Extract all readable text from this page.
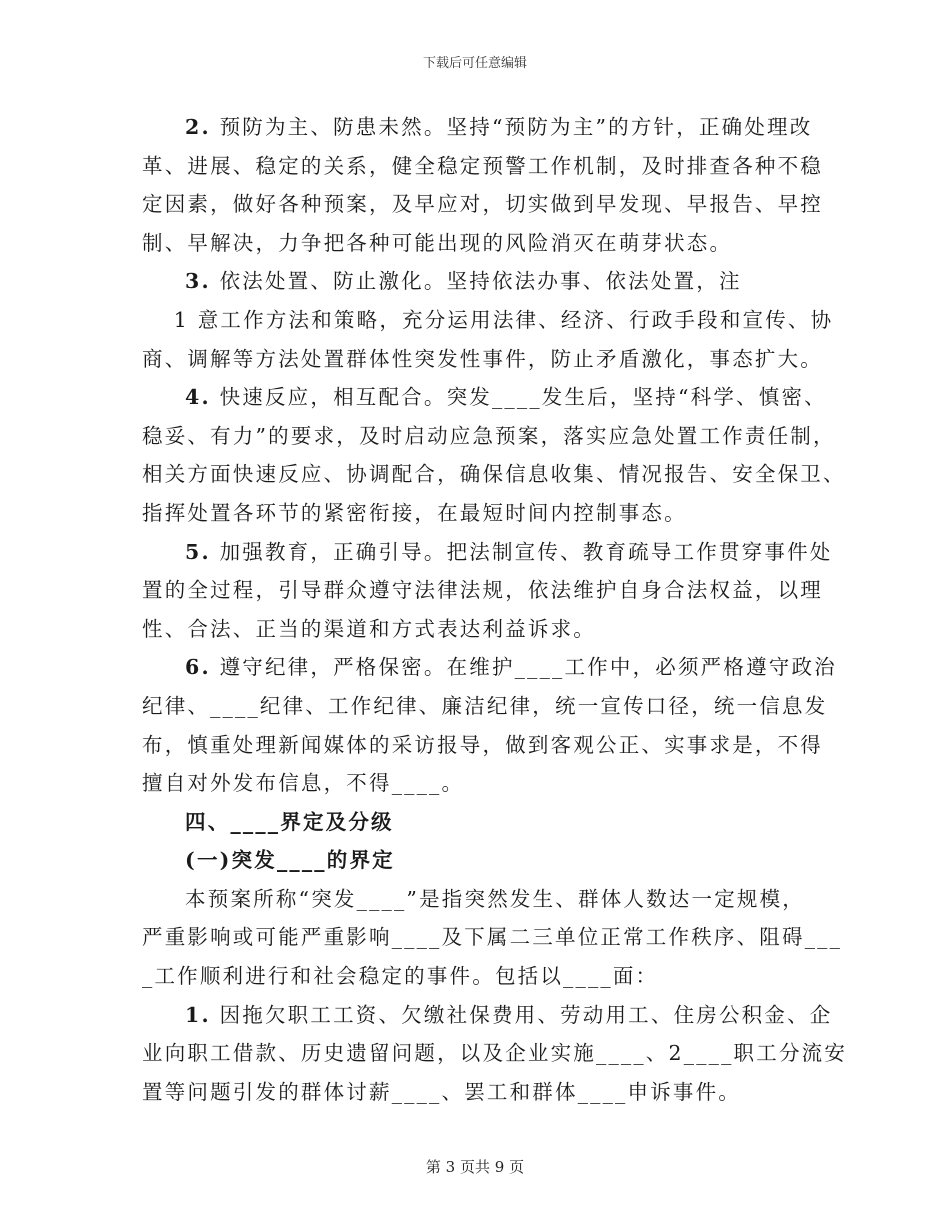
下载后可任意编辑

2. 预防为主、防患未然。坚持“预防为主”的方针，正确处理改

革、进展、稳定的关系，健全稳定预警工作机制，及时排查各种不稳

定因素，做好各种预案，及早应对，切实做到早发现、早报告、早控

制、早解决，力争把各种可能出现的风险消灭在萌芽状态。

3. 依法处置、防止激化。坚持依法办事、依法处置，注

1 意工作方法和策略，充分运用法律、经济、行政手段和宣传、协

商、调解等方法处置群体性突发性事件，防止矛盾激化，事态扩大。

4. 快速反应，相互配合。突发____发生后，坚持“科学、慎密、

稳妥、有力”的要求，及时启动应急预案，落实应急处置工作责任制，

相关方面快速反应、协调配合，确保信息收集、情况报告、安全保卫、

指挥处置各环节的紧密衔接，在最短时间内控制事态。

5. 加强教育，正确引导。把法制宣传、教育疏导工作贯穿事件处

置的全过程，引导群众遵守法律法规，依法维护自身合法权益，以理

性、合法、正当的渠道和方式表达利益诉求。

6. 遵守纪律，严格保密。在维护____工作中，必须严格遵守政治

纪律、____纪律、工作纪律、廉洁纪律，统一宣传口径，统一信息发

布，慎重处理新闻媒体的采访报导，做到客观公正、实事求是，不得

擅自对外发布信息，不得____。

四、____界定及分级

(一)突发____的界定

本预案所称“突发____”是指突然发生、群体人数达一定规模，

严重影响或可能严重影响____及下属二三单位正常工作秩序、阻碍___

_工作顺利进行和社会稳定的事件。包括以____面：

1. 因拖欠职工工资、欠缴社保费用、劳动用工、住房公积金、企

业向职工借款、历史遗留问题，以及企业实施____、2____职工分流安

置等问题引发的群体讨薪____、罢工和群体____申诉事件。

第 3 页共 9 页
